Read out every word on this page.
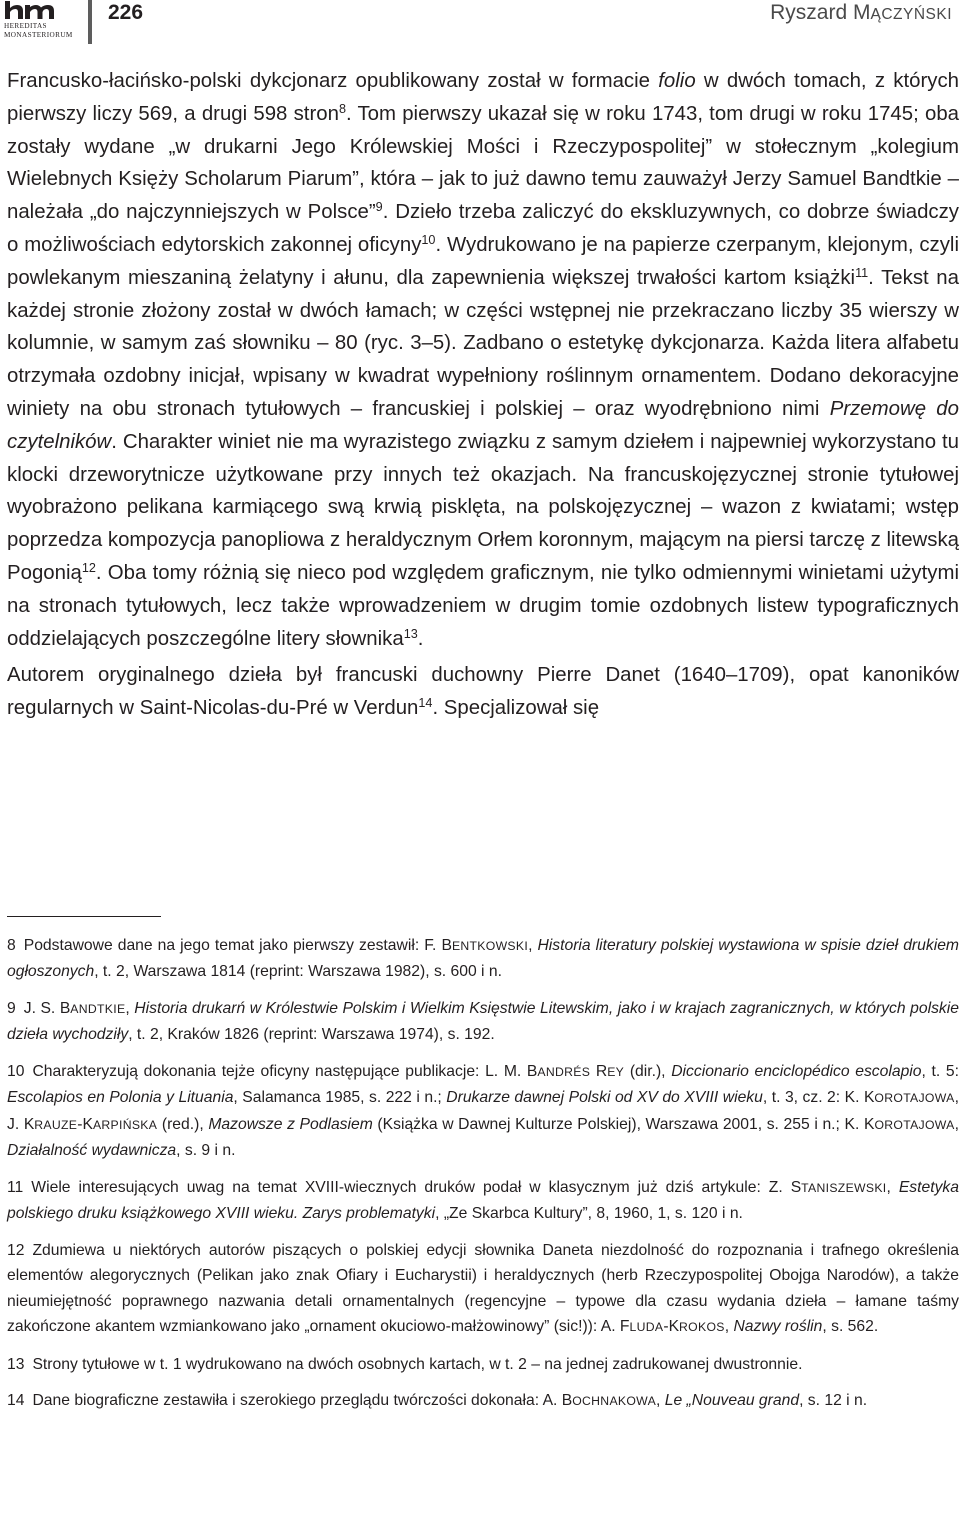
HEREDITAS
MONASTERIORUM
226	Ryszard MĄCZYŃSKI

Francusko-łacińsko-polski dykcjonarz opublikowany został w formacie folio w dwóch tomach, z których pierwszy liczy 569, a drugi 598 stron$^8$. Tom pierwszy ukazał się w roku 1743, tom drugi w roku 1745; oba zostały wydane „w drukarni Jego Królewskiej Mości i Rzeczypospolitej” w stołecznym „kolegium Wielebnych Księży Scholarum Piarum”, która – jak to już dawno temu zauważył Jerzy Samuel Bandtkie – należała „do najczynniejszych w Polsce”$^9$. Dzieło trzeba zaliczyć do ekskluzywnych, co dobrze świadczy o możliwościach edytorskich zakonnej oficyny$^{10}$. Wydrukowano je na papierze czerpanym, klejonym, czyli powlekanym mieszaniną żelatyny i ałunu, dla zapewnienia większej trwałości kartom książki$^{11}$. Tekst na każdej stronie złożony został w dwóch łamach; w części wstępnej nie przekraczano liczby 35 wierszy w kolumnie, w samym zaś słowniku – 80 (ryc. 3–5). Zadbano o estetykę dykcjonarza. Każda litera alfabetu otrzymała ozdobny inicjał, wpisany w kwadrat wypełniony roślinnym ornamentem. Dodano dekoracyjne winiety na obu stronach tytułowych – francuskiej i polskiej – oraz wyodrębniono nimi Przemowę do czytelników. Charakter winiet nie ma wyrazistego związku z samym dziełem i najpewniej wykorzystano tu klocki drzeworytnicze użytkowane przy innych też okazjach. Na francuskojęzycznej stronie tytułowej wyobrażono pelikana karmiącego swą krwią pisklęta, na polskojęzycznej – wazon z kwiatami; wstęp poprzedza kompozycja panopliowa z heraldycznym Orłem koronnym, mającym na piersi tarczę z litewską Pogonią$^{12}$. Oba tomy różnią się nieco pod względem graficznym, nie tylko odmiennymi winietami użytymi na stronach tytułowych, lecz także wprowadzeniem w drugim tomie ozdobnych listew typograficznych oddzielających poszczególne litery słownika$^{13}$.

Autorem oryginalnego dzieła był francuski duchowny Pierre Danet (1640–1709), opat kanoników regularnych w Saint-Nicolas-du-Pré w Verdun$^{14}$. Specjalizował się

8 Podstawowe dane na jego temat jako pierwszy zestawił: F. BENTKOWSKI, Historia literatury polskiej wystawiona w spisie dzieł drukiem ogłoszonych, t. 2, Warszawa 1814 (reprint: Warszawa 1982), s. 600 i n.
9 J. S. BANDTKIE, Historia drukarń w Królestwie Polskim i Wielkim Księstwie Litewskim, jako i w krajach zagranicznych, w których polskie dzieła wychodziły, t. 2, Kraków 1826 (reprint: Warszawa 1974), s. 192.
10 Charakteryzują dokonania tejże oficyny następujące publikacje: L. M. BANDRÉS REY (dir.), Diccionario enciclopédico escolapio, t. 5: Escolapios en Polonia y Lituania, Salamanca 1985, s. 222 i n.; Drukarze dawnej Polski od XV do XVIII wieku, t. 3, cz. 2: K. KOROTAJOWA, J. KRAUZE-KARPIŃSKA (red.), Mazowsze z Podlasiem (Książka w Dawnej Kulturze Polskiej), Warszawa 2001, s. 255 i n.; K. KOROTAJOWA, Działalność wydawnicza, s. 9 i n.
11 Wiele interesujących uwag na temat XVIII-wiecznych druków podał w klasycznym już dziś artykule: Z. STANISZEWSKI, Estetyka polskiego druku książkowego XVIII wieku. Zarys problematyki, „Ze Skarbca Kultury”, 8, 1960, 1, s. 120 i n.
12 Zdumiewa u niektórych autorów piszących o polskiej edycji słownika Daneta niezdolność do rozpoznania i trafnego określenia elementów alegorycznych (Pelikan jako znak Ofiary i Eucharystii) i heraldycznych (herb Rzeczypospolitej Obojga Narodów), a także nieumiejętność poprawnego nazwania detali ornamentalnych (regencyjne – typowe dla czasu wydania dzieła – łamane taśmy zakończone akantem wzmiankowano jako „ornament okuciowo-małżowinowy” (sic!)): A. FLUDA-KROKOS, Nazwy roślin, s. 562.
13 Strony tytułowe w t. 1 wydrukowano na dwóch osobnych kartach, w t. 2 – na jednej zadrukowanej dwustronnie.
14 Dane biograficzne zestawiła i szerokiego przeglądu twórczości dokonała: A. BOCHNAKOWA, Le „Nouveau grand, s. 12 i n.
